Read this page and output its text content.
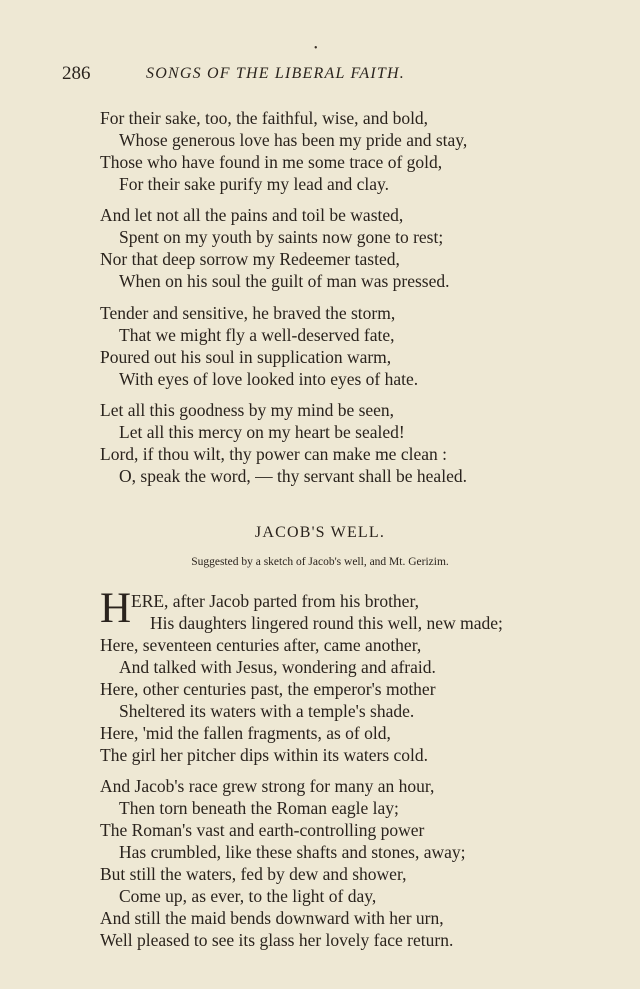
•
286	SONGS OF THE LIBERAL FAITH.
For their sake, too, the faithful, wise, and bold,
Whose generous love has been my pride and stay,
Those who have found in me some trace of gold,
For their sake purify my lead and clay.
And let not all the pains and toil be wasted,
Spent on my youth by saints now gone to rest;
Nor that deep sorrow my Redeemer tasted,
When on his soul the guilt of man was pressed.
Tender and sensitive, he braved the storm,
That we might fly a well-deserved fate,
Poured out his soul in supplication warm,
With eyes of love looked into eyes of hate.
Let all this goodness by my mind be seen,
Let all this mercy on my heart be sealed!
Lord, if thou wilt, thy power can make me clean :
O, speak the word, — thy servant shall be healed.
JACOB'S WELL.
Suggested by a sketch of Jacob's well, and Mt. Gerizim.
H ERE, after Jacob parted from his brother,
His daughters lingered round this well, new made;
Here, seventeen centuries after, came another,
And talked with Jesus, wondering and afraid.
Here, other centuries past, the emperor's mother
Sheltered its waters with a temple's shade.
Here, 'mid the fallen fragments, as of old,
The girl her pitcher dips within its waters cold.
And Jacob's race grew strong for many an hour,
Then torn beneath the Roman eagle lay;
The Roman's vast and earth-controlling power
Has crumbled, like these shafts and stones, away;
But still the waters, fed by dew and shower,
Come up, as ever, to the light of day,
And still the maid bends downward with her urn,
Well pleased to see its glass her lovely face return.
